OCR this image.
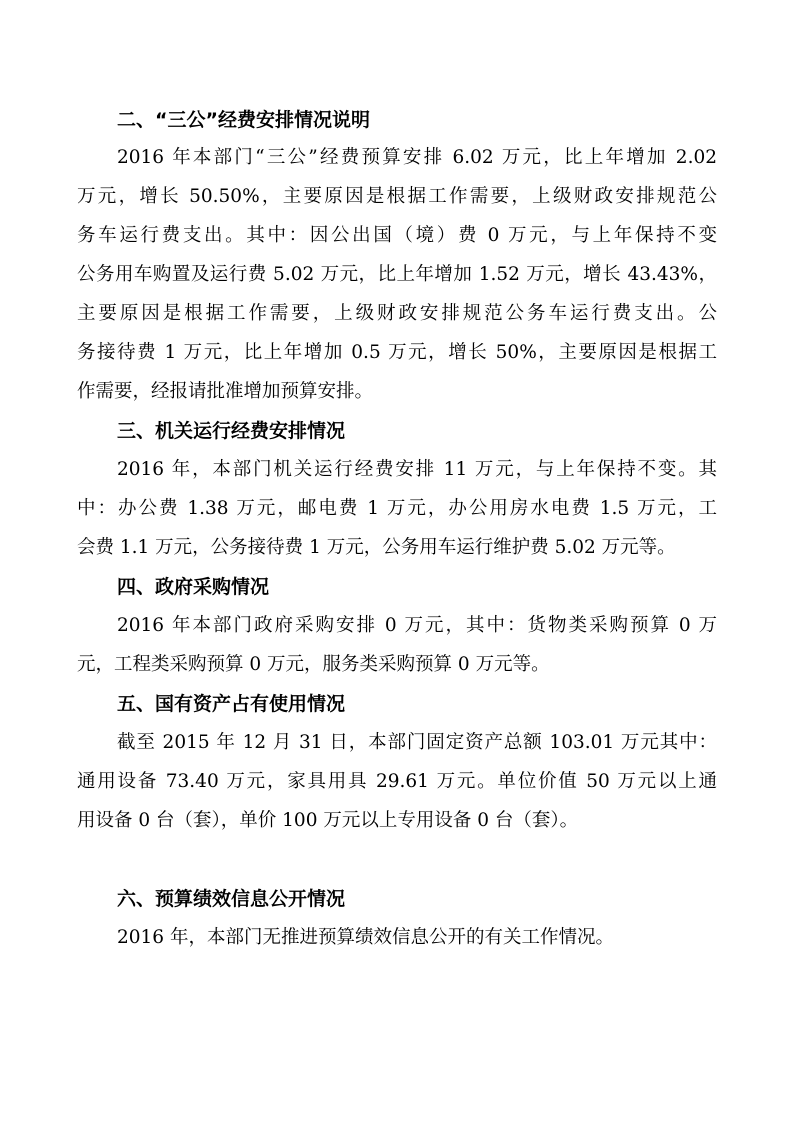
二、“三公”经费安排情况说明
2016 年本部门“三公”经费预算安排 6.02 万元，比上年增加 2.02
万元，增长 50.50%，主要原因是根据工作需要，上级财政安排规范公
务车运行费支出。其中：因公出国（境）费 0 万元，与上年保持不变
公务用车购置及运行费 5.02 万元，比上年增加 1.52 万元，增长 43.43%，
主要原因是根据工作需要，上级财政安排规范公务车运行费支出。公
务接待费 1 万元，比上年增加 0.5 万元，增长 50%，主要原因是根据工
作需要，经报请批准增加预算安排。
三、机关运行经费安排情况
2016 年，本部门机关运行经费安排 11 万元，与上年保持不变。其
中：办公费 1.38 万元，邮电费 1 万元，办公用房水电费 1.5 万元，工
会费 1.1 万元，公务接待费 1 万元，公务用车运行维护费 5.02 万元等。
四、政府采购情况
2016 年本部门政府采购安排 0 万元，其中：货物类采购预算 0 万
元，工程类采购预算 0 万元，服务类采购预算 0 万元等。
五、国有资产占有使用情况
截至 2015 年 12 月 31 日，本部门固定资产总额 103.01 万元其中：
通用设备 73.40 万元，家具用具 29.61 万元。单位价值 50 万元以上通
用设备 0 台（套），单价 100 万元以上专用设备 0 台（套）。
六、预算绩效信息公开情况
2016 年，本部门无推进预算绩效信息公开的有关工作情况。
